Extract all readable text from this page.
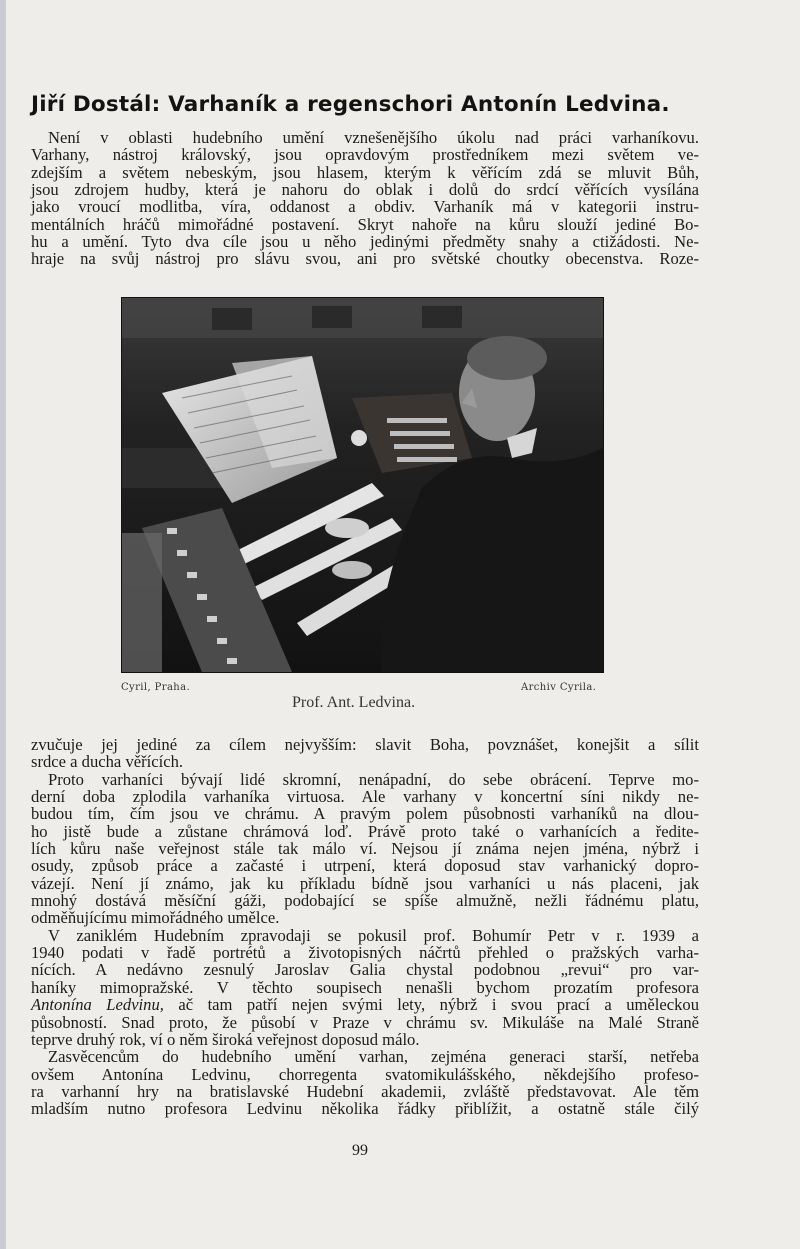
Jiří Dostál: Varhaník a regenschori Antonín Ledvina.
Není v oblasti hudebního umění vznešenějšího úkolu nad práci varhaníkovu.
Varhany, nástroj královský, jsou opravdovým prostředníkem mezi světem ve-
zdejším a světem nebeským, jsou hlasem, kterým k věřícím zdá se mluvit Bůh,
jsou zdrojem hudby, která je nahoru do oblak i dolů do srdcí věřících vysílána
jako vroucí modlitba, víra, oddanost a obdiv. Varhaník má v kategorii instru-
mentálních hráčů mimořádné postavení. Skryt nahoře na kůru slouží jediné Bo-
hu a umění. Tyto dva cíle jsou u něho jedinými předměty snahy a ctižádosti. Ne-
hraje na svůj nástroj pro slávu svou, ani pro světské choutky obecenstva. Roze-
Cyril, Praha.	Archiv Cyrila.
Prof. Ant. Ledvina.
zvučuje jej jediné za cílem nejvyšším: slavit Boha, povznášet, konejšit a sílit
srdce a ducha věřících.
Proto varhaníci bývají lidé skromní, nenápadní, do sebe obrácení. Teprve mo-
derní doba zplodila varhaníka virtuosa. Ale varhany v koncertní síni nikdy ne-
budou tím, čím jsou ve chrámu. A pravým polem působnosti varhaníků na dlou-
ho jistě bude a zůstane chrámová loď. Právě proto také o varhanících a ředite-
lích kůru naše veřejnost stále tak málo ví. Nejsou jí známa nejen jména, nýbrž i
osudy, způsob práce a začasté i utrpení, která doposud stav varhanický dopro-
vázejí. Není jí známo, jak ku příkladu bídně jsou varhaníci u nás placeni, jak
mnohý dostává měsíční gáži, podobající se spíše almužně, nežli řádnému platu,
odměňujícímu mimořádného umělce.
V zaniklém Hudebním zpravodaji se pokusil prof. Bohumír Petr v r. 1939 a
1940 podati v řadě portrétů a životopisných náčrtů přehled o pražských varha-
nících. A nedávno zesnulý Jaroslav Galia chystal podobnou „revui“ pro var-
haníky mimopražské. V těchto soupisech nenašli bychom prozatím profesora
Antonína Ledvinu, ač tam patří nejen svými lety, nýbrž i svou prací a uměleckou
působností. Snad proto, že působí v Praze v chrámu sv. Mikuláše na Malé Straně
teprve druhý rok, ví o něm široká veřejnost doposud málo.
Zasvěcencům do hudebního umění varhan, zejména generaci starší, netřeba
ovšem Antonína Ledvinu, chorregenta svatomikulášského, někdejšího profeso-
ra varhanní hry na bratislavské Hudební akademii, zvláště představovat. Ale těm
mladším nutno profesora Ledvinu několika řádky přiblížit, a ostatně stále čilý
99
